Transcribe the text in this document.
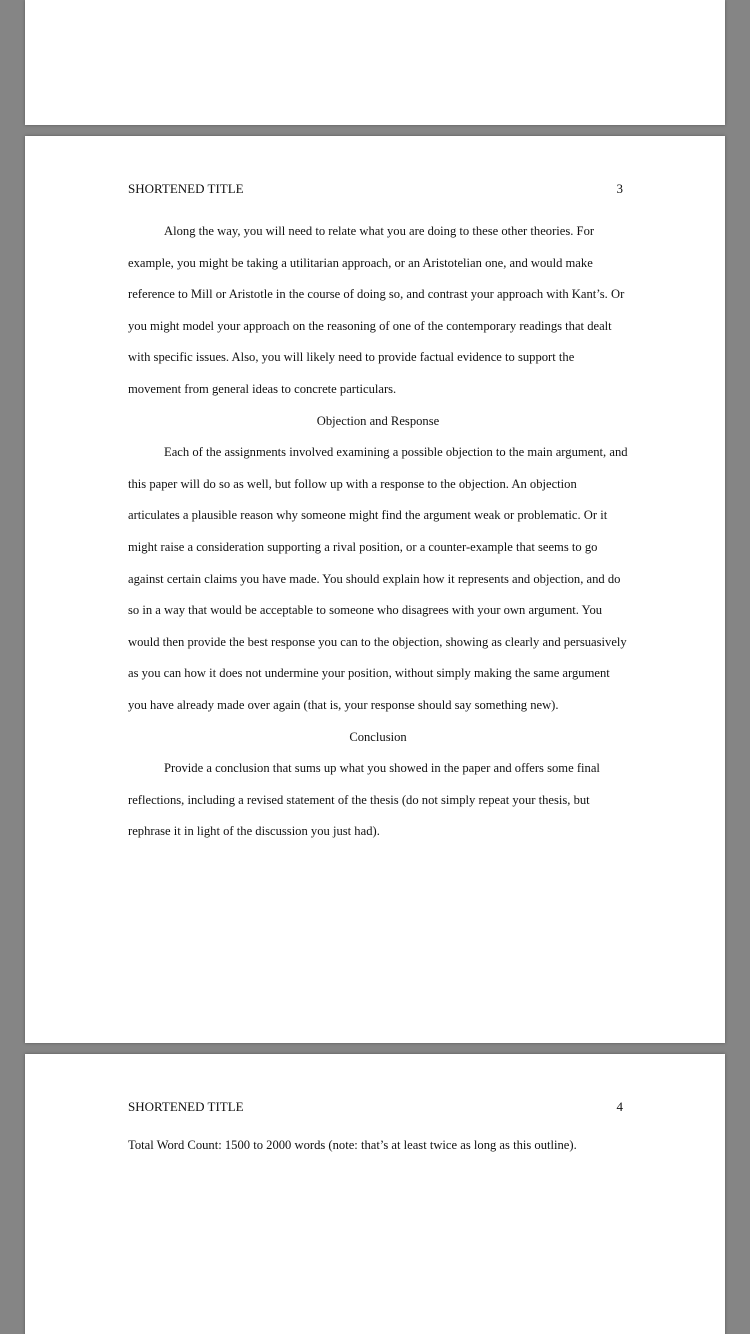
SHORTENED TITLE	3

Along the way, you will need to relate what you are doing to these other theories. For example, you might be taking a utilitarian approach, or an Aristotelian one, and would make reference to Mill or Aristotle in the course of doing so, and contrast your approach with Kant’s. Or you might model your approach on the reasoning of one of the contemporary readings that dealt with specific issues. Also, you will likely need to provide factual evidence to support the movement from general ideas to concrete particulars.

Objection and Response

Each of the assignments involved examining a possible objection to the main argument, and this paper will do so as well, but follow up with a response to the objection. An objection articulates a plausible reason why someone might find the argument weak or problematic. Or it might raise a consideration supporting a rival position, or a counter-example that seems to go against certain claims you have made. You should explain how it represents and objection, and do so in a way that would be acceptable to someone who disagrees with your own argument. You would then provide the best response you can to the objection, showing as clearly and persuasively as you can how it does not undermine your position, without simply making the same argument you have already made over again (that is, your response should say something new).

Conclusion

Provide a conclusion that sums up what you showed in the paper and offers some final reflections, including a revised statement of the thesis (do not simply repeat your thesis, but rephrase it in light of the discussion you just had).

SHORTENED TITLE	4

Total Word Count: 1500 to 2000 words (note: that’s at least twice as long as this outline).
